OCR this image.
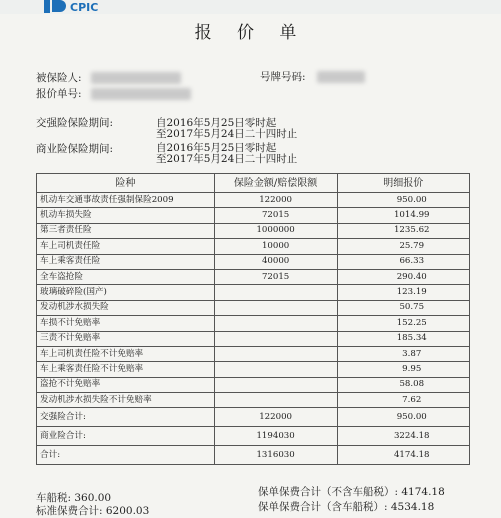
CPIC
报 价 单
被保险人:
报价单号:
号牌号码:
交强险保险期间:	自2016年5月25日零时起
至2017年5月24日二十四时止
商业险保险期间:	自2016年5月25日零时起
至2017年5月24日二十四时止
险种	保险金额/赔偿限额	明细报价
机动车交通事故责任强制保险2009	122000	950.00
机动车损失险	72015	1014.99
第三者责任险	1000000	1235.62
车上司机责任险	10000	25.79
车上乘客责任险	40000	66.33
全车盗抢险	72015	290.40
玻璃破碎险(国产)		123.19
发动机涉水损失险		50.75
车损不计免赔率		152.25
三责不计免赔率		185.34
车上司机责任险不计免赔率		3.87
车上乘客责任险不计免赔率		9.95
盗抢不计免赔率		58.08
发动机涉水损失险不计免赔率		7.62
交强险合计:	122000	950.00
商业险合计:	1194030	3224.18
合计:	1316030	4174.18
车船税: 360.00
标准保费合计: 6200.03
保单保费合计（不含车船税）: 4174.18
保单保费合计（含车船税）: 4534.18
